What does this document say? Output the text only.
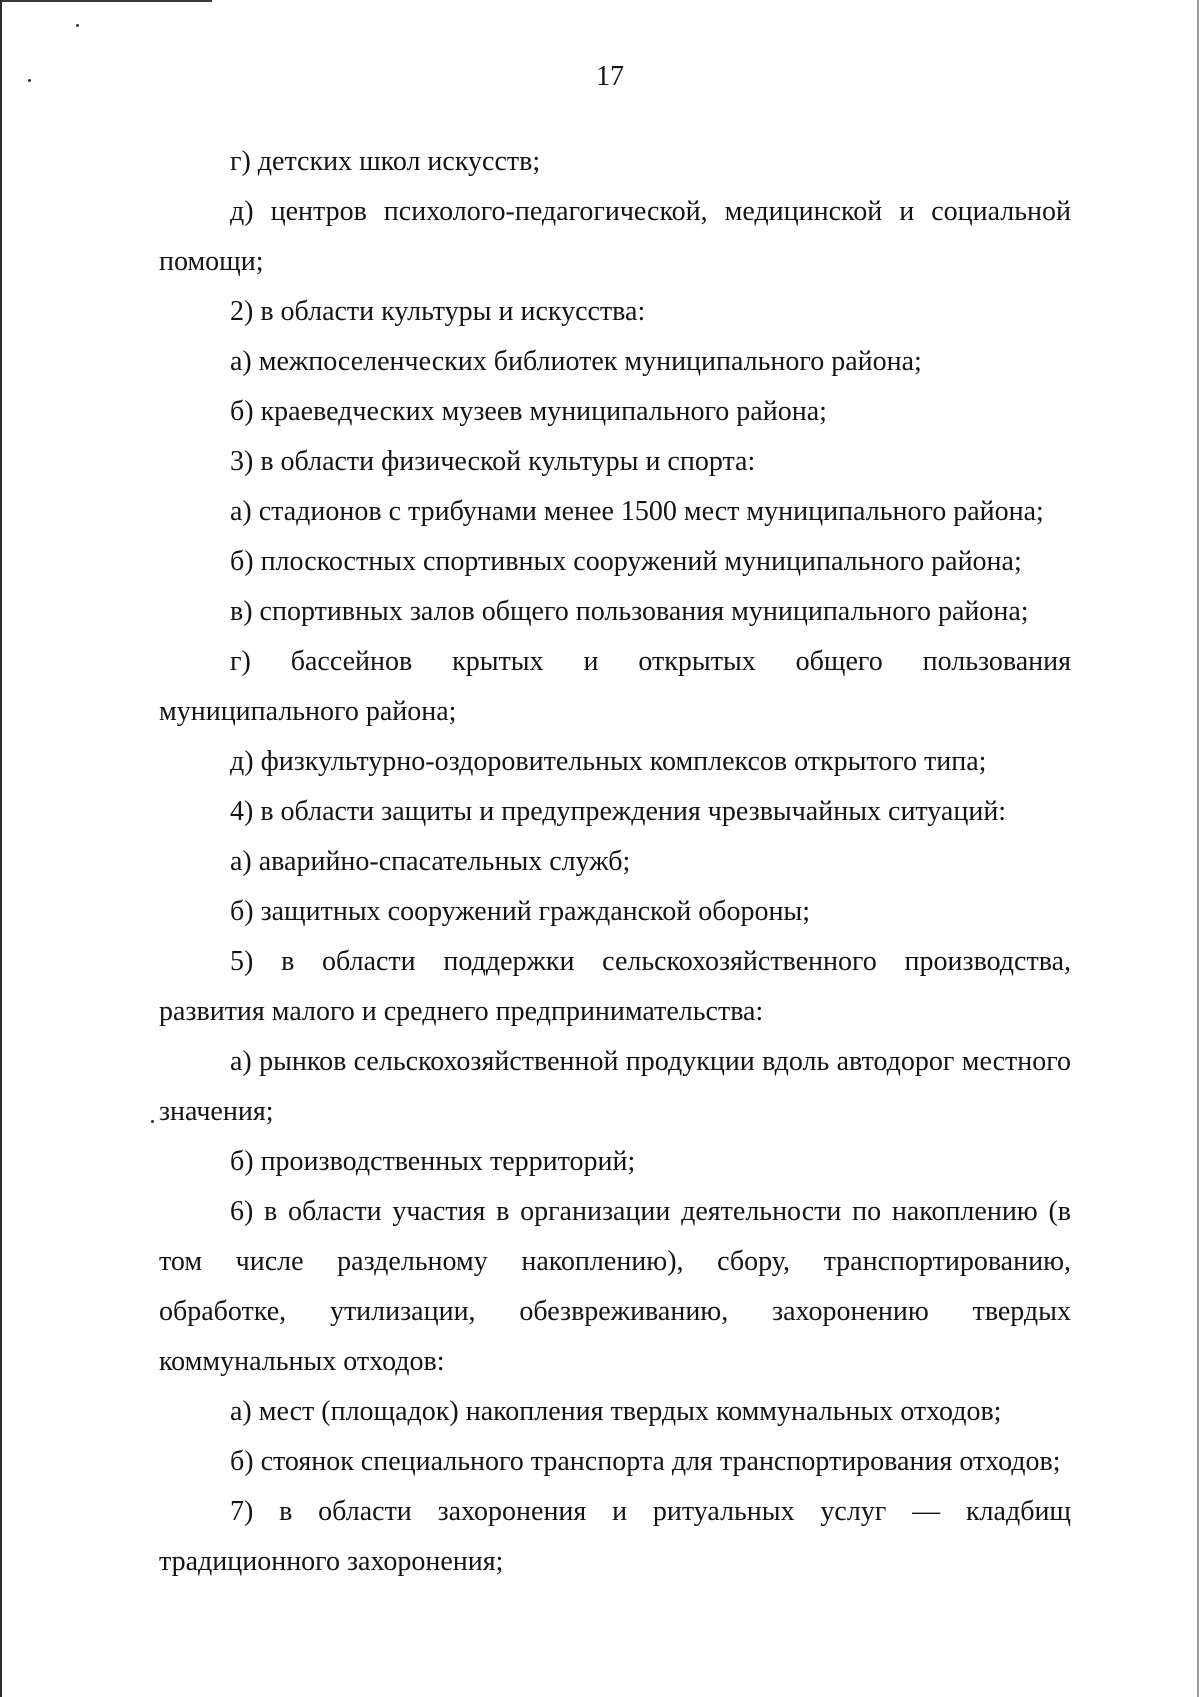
17

г) детских школ искусств;

д) центров психолого-педагогической, медицинской и социальной помощи;

2) в области культуры и искусства:

а) межпоселенческих библиотек муниципального района;

б) краеведческих музеев муниципального района;

3) в области физической культуры и спорта:

а) стадионов с трибунами менее 1500 мест муниципального района;

б) плоскостных спортивных сооружений муниципального района;

в) спортивных залов общего пользования муниципального района;

г) бассейнов крытых и открытых общего пользования муниципального района;

д) физкультурно-оздоровительных комплексов открытого типа;

4) в области защиты и предупреждения чрезвычайных ситуаций:

а) аварийно-спасательных служб;

б) защитных сооружений гражданской обороны;

5) в области поддержки сельскохозяйственного производства, развития малого и среднего предпринимательства:

а) рынков сельскохозяйственной продукции вдоль автодорог местного значения;

б) производственных территорий;

6) в области участия в организации деятельности по накоплению (в том числе раздельному накоплению), сбору, транспортированию, обработке, утилизации, обезвреживанию, захоронению твердых коммунальных отходов:

а) мест (площадок) накопления твердых коммунальных отходов;

б) стоянок специального транспорта для транспортирования отходов;

7) в области захоронения и ритуальных услуг — кладбищ традиционного захоронения;
